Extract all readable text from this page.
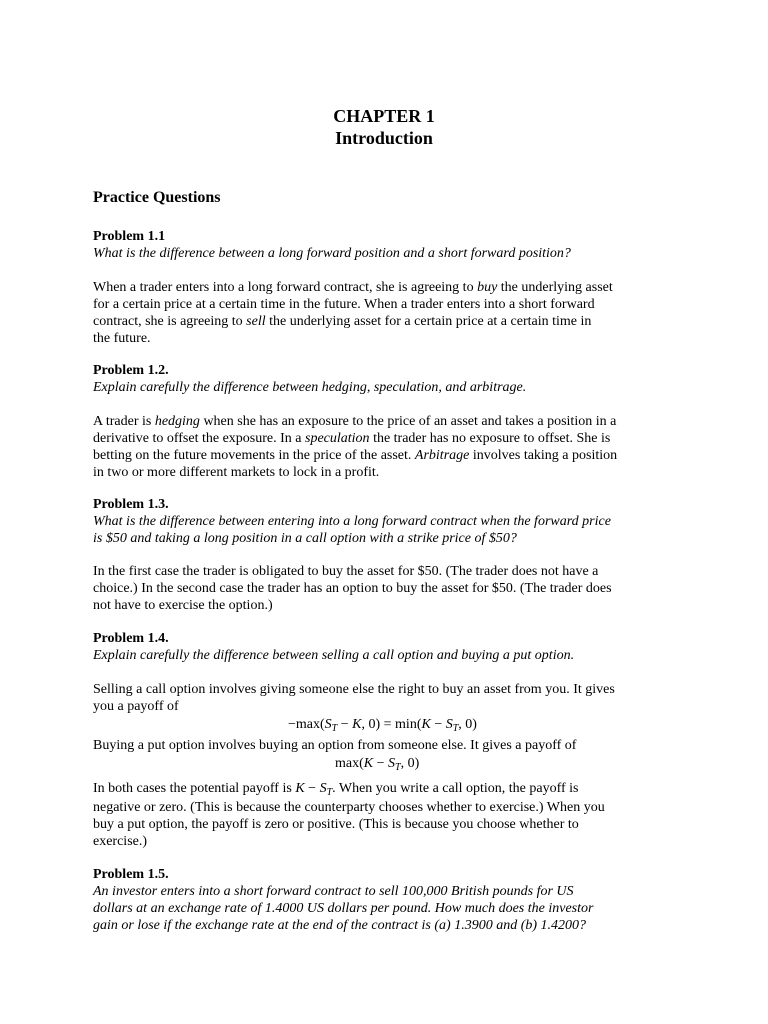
CHAPTER 1
Introduction
Practice Questions

Problem 1.1

What is the difference between a long forward position and a short forward position?

When a trader enters into a long forward contract, she is agreeing to buy the underlying asset

for a certain price at a certain time in the future. When a trader enters into a short forward

contract, she is agreeing to sell the underlying asset for a certain price at a certain time in

the future.

Problem 1.2.

Explain carefully the difference between hedging, speculation, and arbitrage.

A trader is hedging when she has an exposure to the price of an asset and takes a position in a

derivative to offset the exposure. In a speculation the trader has no exposure to offset. She is

betting on the future movements in the price of the asset. Arbitrage involves taking a position

in two or more different markets to lock in a profit.

Problem 1.3.

What is the difference between entering into a long forward contract when the forward price

is $50 and taking a long position in a call option with a strike price of $50?

In the first case the trader is obligated to buy the asset for $50. (The trader does not have a

choice.) In the second case the trader has an option to buy the asset for $50. (The trader does

not have to exercise the option.)

Problem 1.4.

Explain carefully the difference between selling a call option and buying a put option.

Selling a call option involves giving someone else the right to buy an asset from you. It gives

you a payoff of

$-\max(S_T - K$, $0) = \min(K - S_T$, 0)

Buying a put option involves buying an option from someone else. It gives a payoff of

$\max(K - S_T$, 0)

In both cases the potential payoff is $K - S_T$. When you write a call option, the payoff is

negative or zero. (This is because the counterparty chooses whether to exercise.) When you

buy a put option, the payoff is zero or positive. (This is because you choose whether to

exercise.)

Problem 1.5.

An investor enters into a short forward contract to sell 100,000 British pounds for US

dollars at an exchange rate of 1.4000 US dollars per pound. How much does the investor

gain or lose if the exchange rate at the end of the contract is (a) 1.3900 and (b) 1.4200?
